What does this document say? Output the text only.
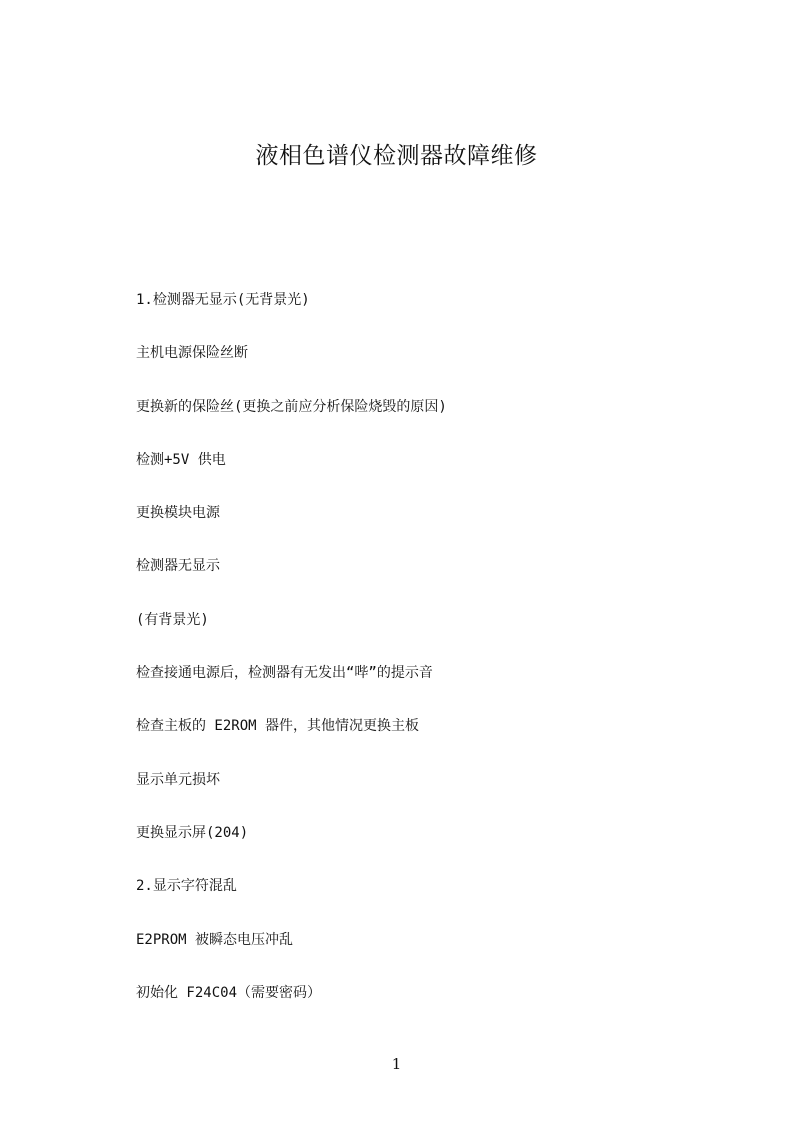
液相色谱仪检测器故障维修
1.检测器无显示(无背景光)
主机电源保险丝断
更换新的保险丝(更换之前应分析保险烧毁的原因)
检测+5V 供电
更换模块电源
检测器无显示
(有背景光)
检查接通电源后，检测器有无发出“哔”的提示音
检查主板的 E2ROM 器件，其他情况更换主板
显示单元损坏
更换显示屏(204)
2.显示字符混乱
E2PROM 被瞬态电压冲乱
初始化 F24C04（需要密码）
1
